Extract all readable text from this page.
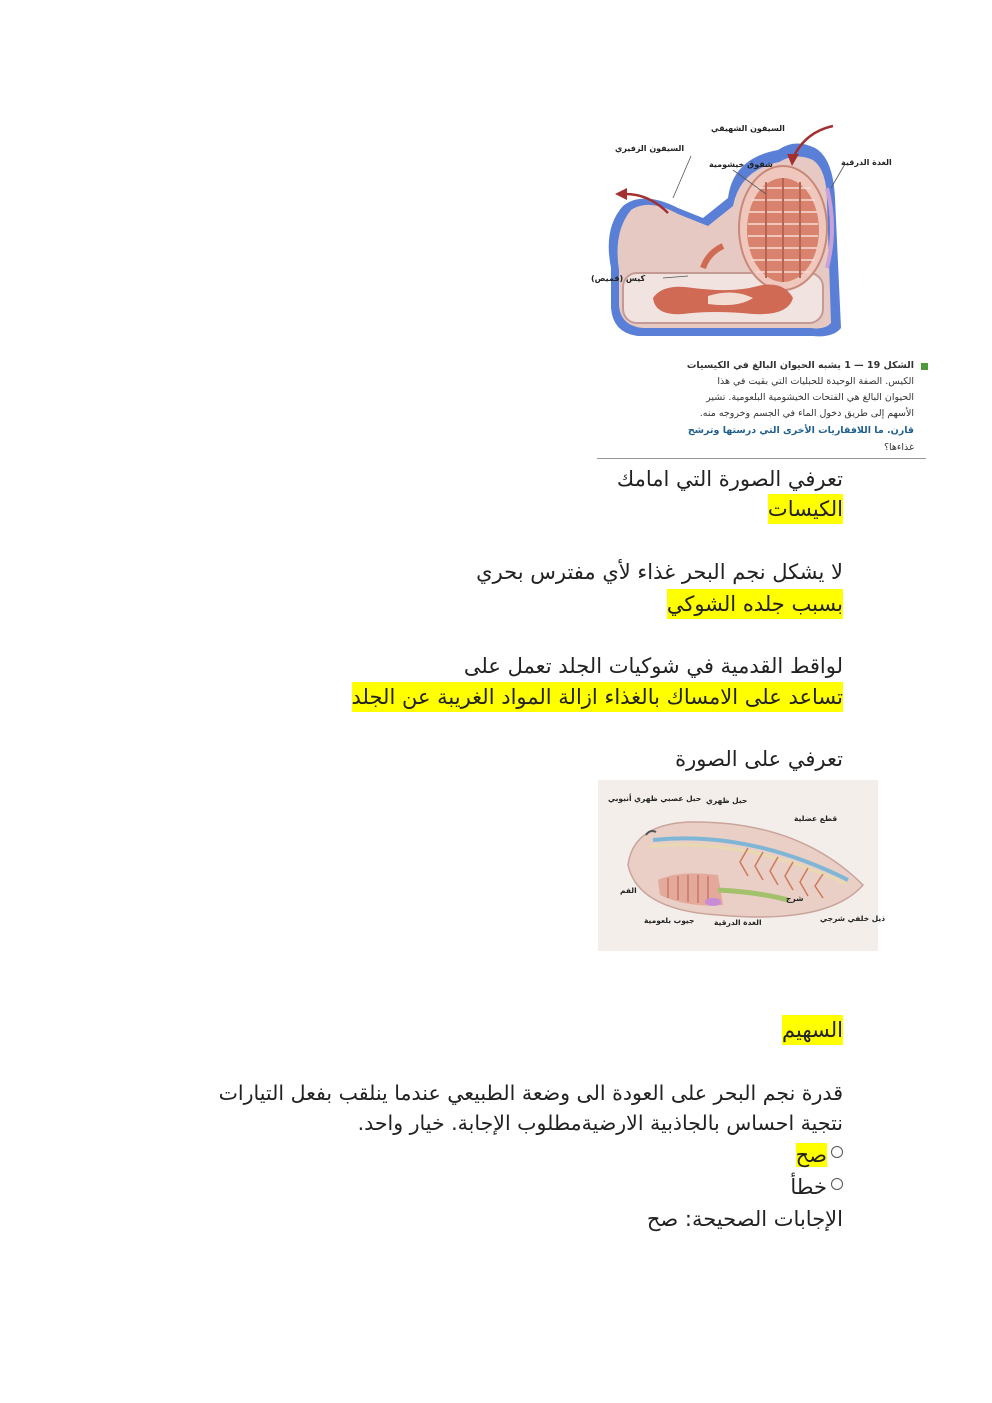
السيفون الشهيقي
السيفون الزفيري
شقوق خيشومية	الغدة الدرقية
كيس (قميص)
الشكل 19 — 1 يشبه الحيوان البالغ في الكيسيات
الكيس. الصفة الوحيدة للحبليات التي بقيت في هذا
الحيوان البالغ هي الفتحات الخيشومية البلعومية. تشير
الأسهم إلى طريق دخول الماء في الجسم وخروجه منه.
قارن. ما اللافقاريات الأخرى التي درستها وترشح
غذاءها؟
تعرفي الصورة التي امامك
الكيسات
لا يشكل نجم البحر غذاء لأي مفترس بحري
بسبب جلده الشوكي
لواقط القدمية في شوكيات الجلد تعمل على
تساعد على الامساك بالغذاء ازالة المواد الغريبة عن الجلد
تعرفي على الصورة
حبل عصبي ظهري أنبوبي حبل ظهري
قطع عضلية
الفم
شرج
ذيل خلفي شرجي
جيوب بلعومية	الغدة الدرقية
السهيم
قدرة نجم البحر على العودة الى وضعة الطبيعي عندما ينلقب بفعل التيارات نتجية احساس بالجاذبية الارضيةمطلوب الإجابة. خيار واحد.
صح
خطأ
الإجابات الصحيحة: صح
